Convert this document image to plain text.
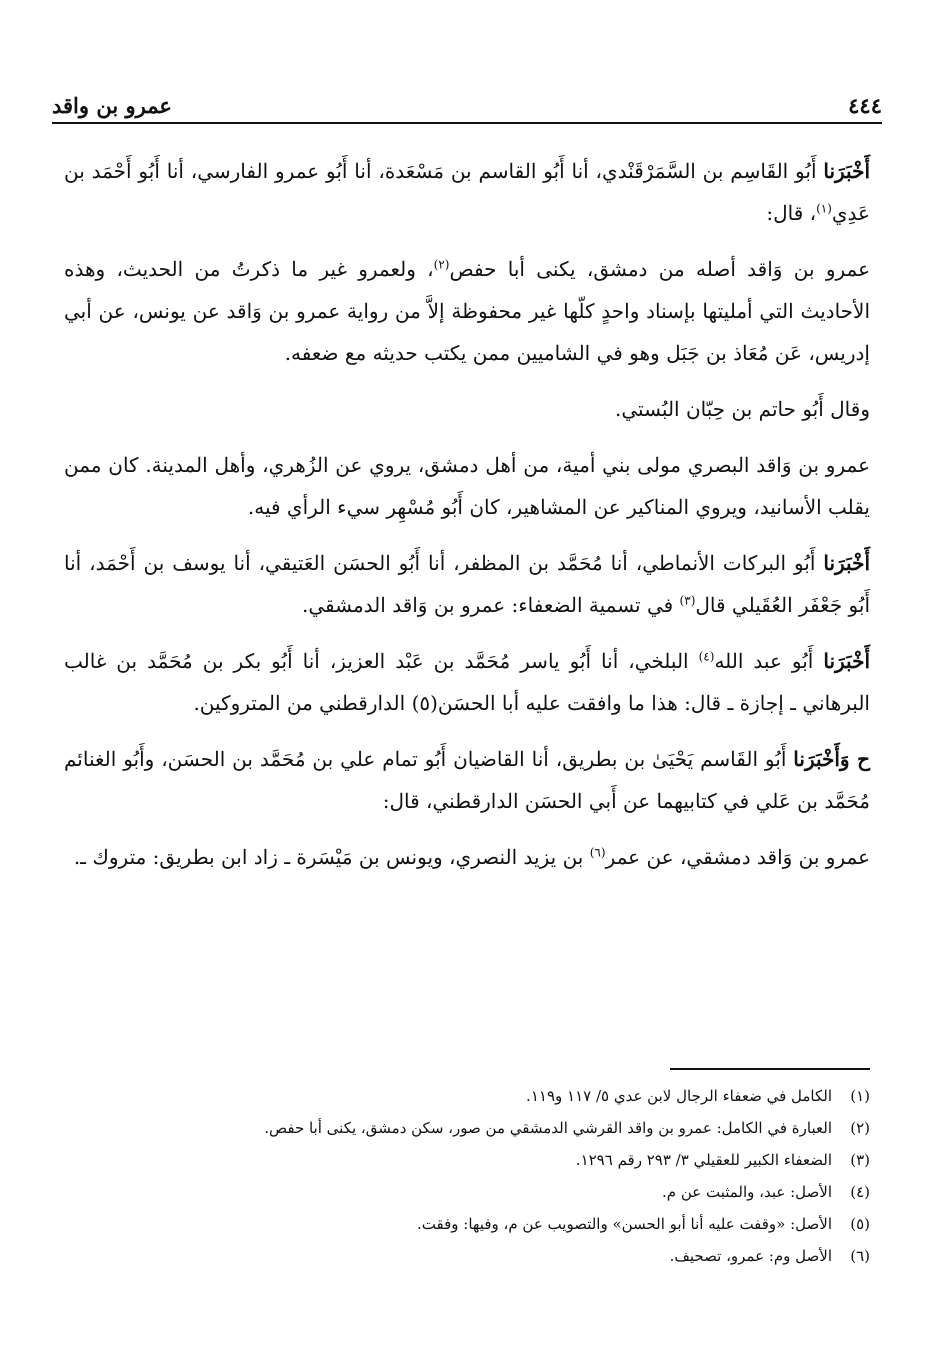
٤٤٤
عمرو بن واقد

أَخْبَرَنا أَبُو القَاسِم بن السَّمَرْقَنْدي، أنا أَبُو القاسم بن مَسْعَدة، أنا أَبُو عمرو الفارسي، أنا أَبُو أَحْمَد بن عَدِي$^{(١)}$، قال:

عمرو بن وَاقد أصله من دمشق، يكنى أبا حفص$^{(٢)}$، ولعمرو غير ما ذكرتُ من الحديث، وهذه الأحاديث التي أمليتها بإسناد واحدٍ كلّها غير محفوظة إلاَّ من رواية عمرو بن وَاقد عن يونس، عن أبي إدريس، عَن مُعَاذ بن جَبَل وهو في الشاميين ممن يكتب حديثه مع ضعفه.

وقال أَبُو حاتم بن حِبّان البُستي.

عمرو بن وَاقد البصري مولى بني أمية، من أهل دمشق، يروي عن الزُهري، وأهل المدينة. كان ممن يقلب الأسانيد، ويروي المناكير عن المشاهير، كان أَبُو مُسْهِر سيء الرأي فيه.

أَخْبَرَنا أَبُو البركات الأنماطي، أنا مُحَمَّد بن المظفر، أنا أَبُو الحسَن العَتيقي، أنا يوسف بن أَحْمَد، أنا أَبُو جَعْفَر العُقَيلي قال$^{(٣)}$ في تسمية الضعفاء: عمرو بن وَاقد الدمشقي.

أَخْبَرَنا أَبُو عبد الله$^{(٤)}$ البلخي، أنا أَبُو ياسر مُحَمَّد بن عَبْد العزيز، أنا أَبُو بكر بن مُحَمَّد بن غالب البرهاني ـ إجازة ـ قال: هذا ما وافقت عليه أبا الحسَن(٥) الدارقطني من المتروكين.

ح وَأَخْبَرَنا أَبُو القَاسم يَحْيَىٰ بن بطريق، أنا القاضيان أَبُو تمام علي بن مُحَمَّد بن الحسَن، وأَبُو الغنائم مُحَمَّد بن عَلي في كتابيهما عن أَبي الحسَن الدارقطني، قال:

عمرو بن وَاقد دمشقي، عن عمر$^{(٦)}$ بن يزيد النصري، ويونس بن مَيْسَرة ـ زاد ابن بطريق: متروك ـ.

(١)
الكامل في ضعفاء الرجال لابن عدي ٥/ ١١٧ و١١٩.
(٢)
العبارة في الكامل: عمرو بن واقد القرشي الدمشقي من صور، سكن دمشق، يكنى أبا حفص.
(٣)
الضعفاء الكبير للعقيلي ٣/ ٢٩٣ رقم ١٢٩٦.
(٤)
الأصل: عبد، والمثبت عن م.
(٥)
الأصل: «وقفت عليه أنا أبو الحسن» والتصويب عن م، وفيها: وفقت.
(٦)
الأصل وم: عمرو، تصحيف.
